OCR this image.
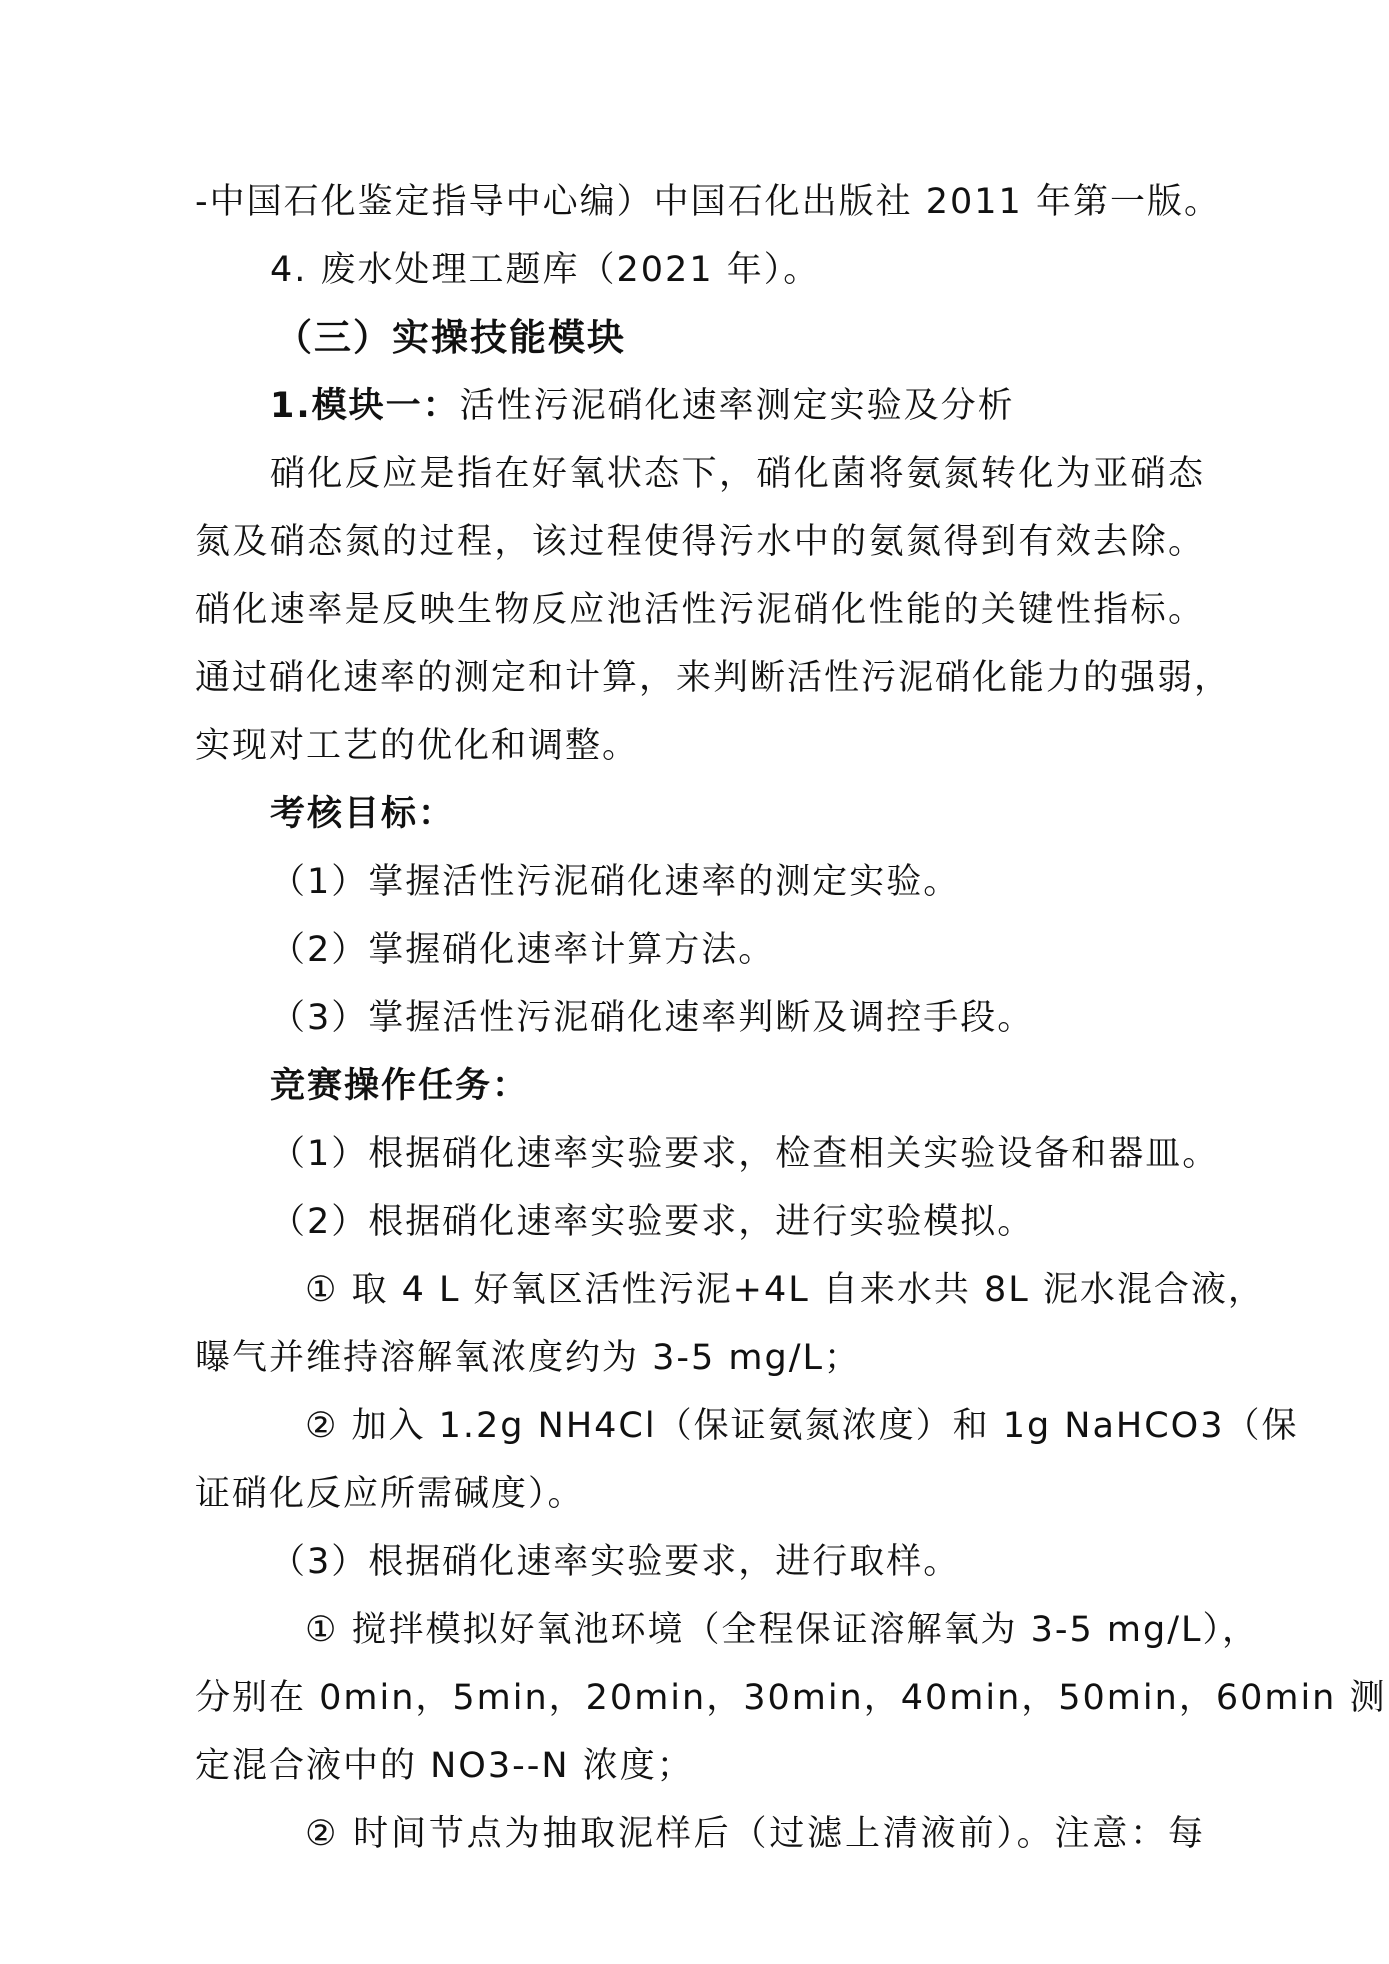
-中国石化鉴定指导中心编）中国石化出版社 2011 年第一版。
4. 废水处理工题库（2021 年）。
（三）实操技能模块
1.模块一：活性污泥硝化速率测定实验及分析
硝化反应是指在好氧状态下，硝化菌将氨氮转化为亚硝态
氮及硝态氮的过程，该过程使得污水中的氨氮得到有效去除。
硝化速率是反映生物反应池活性污泥硝化性能的关键性指标。
通过硝化速率的测定和计算，来判断活性污泥硝化能力的强弱，
实现对工艺的优化和调整。
考核目标：
（1）掌握活性污泥硝化速率的测定实验。
（2）掌握硝化速率计算方法。
（3）掌握活性污泥硝化速率判断及调控手段。
竞赛操作任务：
（1）根据硝化速率实验要求，检查相关实验设备和器皿。
（2）根据硝化速率实验要求，进行实验模拟。
① 取 4 L 好氧区活性污泥+4L 自来水共 8L 泥水混合液，
曝气并维持溶解氧浓度约为 3-5 mg/L；
② 加入 1.2g NH4Cl（保证氨氮浓度）和 1g NaHCO3（保
证硝化反应所需碱度）。
（3）根据硝化速率实验要求，进行取样。
① 搅拌模拟好氧池环境（全程保证溶解氧为 3-5 mg/L），
分别在 0min，5min，20min，30min，40min，50min，60min 测
定混合液中的 NO3--N 浓度；
② 时间节点为抽取泥样后（过滤上清液前）。注意：每
